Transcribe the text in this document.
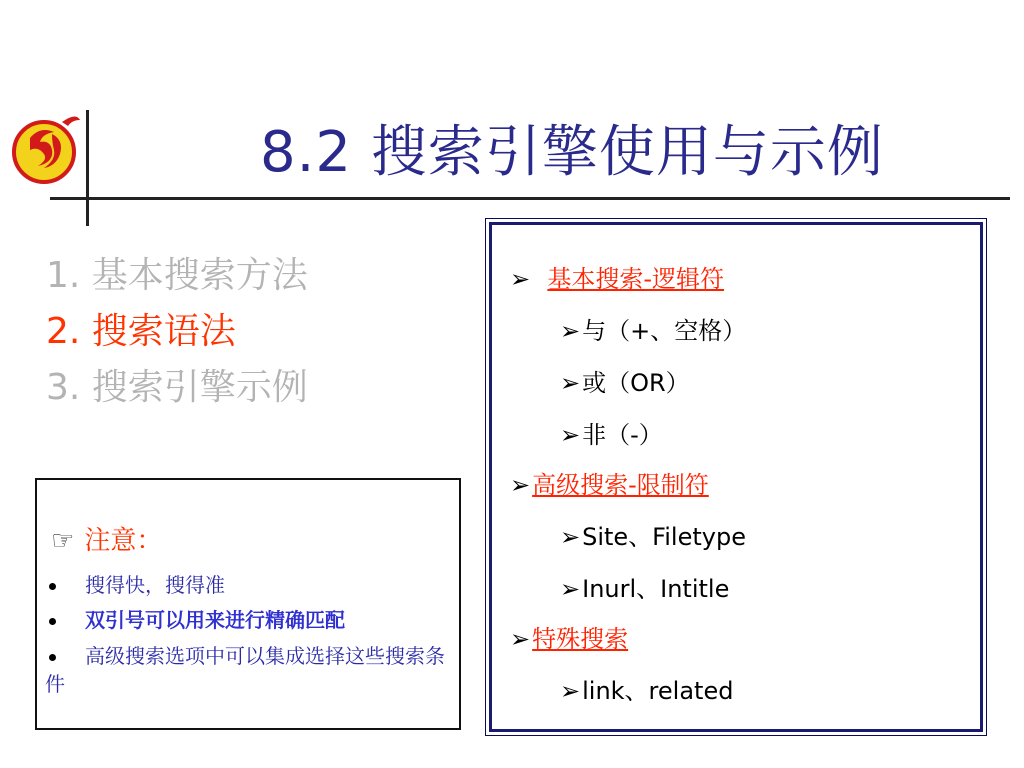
8.2 搜索引擎使用与示例
1. 基本搜索方法
2. 搜索语法
3. 搜索引擎示例
☞ 注意：
搜得快，搜得准
双引号可以用来进行精确匹配
高级搜索选项中可以集成选择这些搜索条件
➢ 基本搜索-逻辑符
➢与（+、空格）
➢或（OR）
➢非（-）
➢高级搜索-限制符
➢Site、Filetype
➢Inurl、Intitle
➢特殊搜索
➢link、related
